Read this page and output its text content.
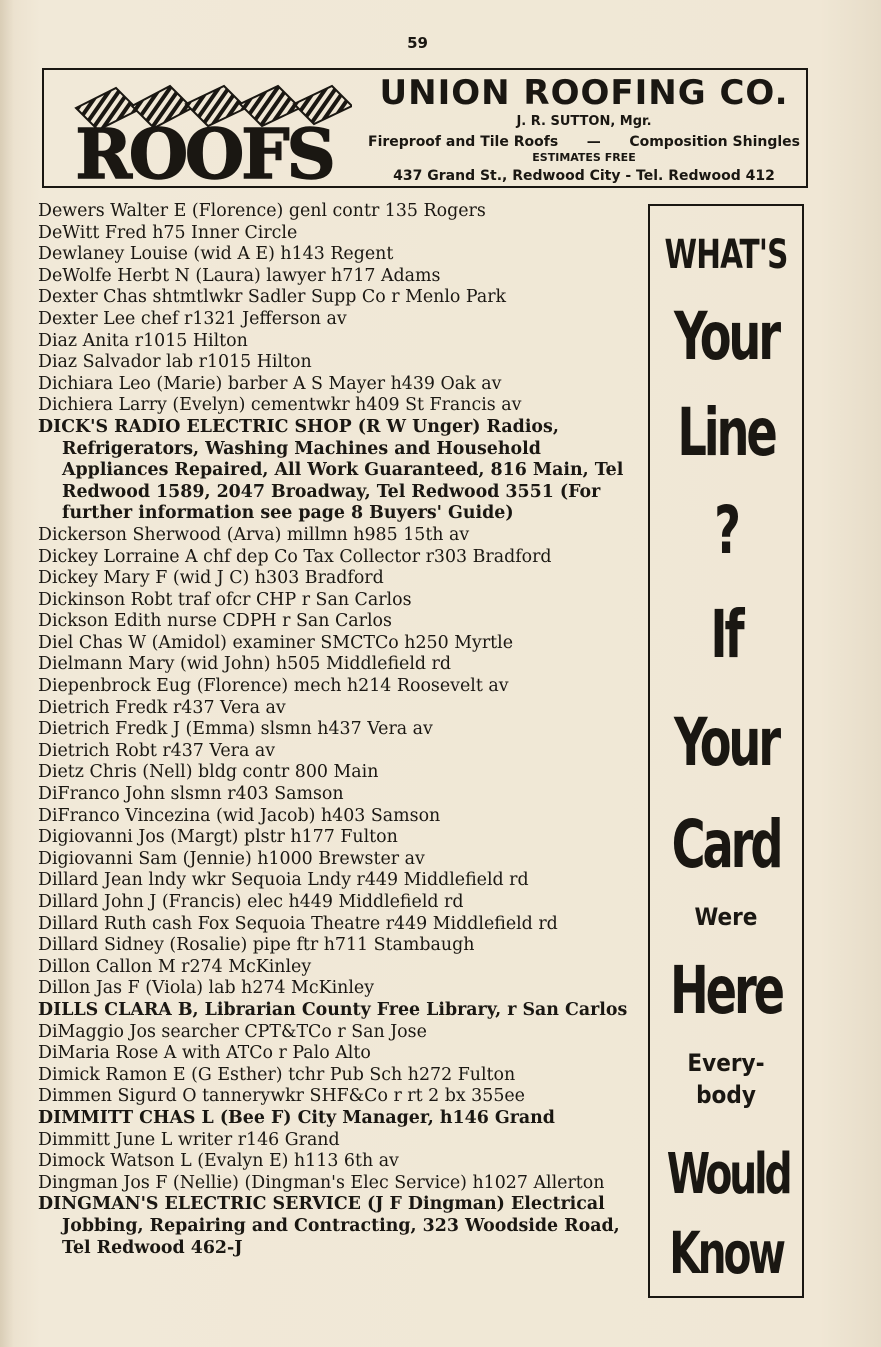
59
ROOFS
UNION ROOFING CO.
J. R. SUTTON, Mgr.
Fireproof and Tile Roofs — Composition Shingles
ESTIMATES FREE
437 Grand St., Redwood City - Tel. Redwood 412
Dewers Walter E (Florence) genl contr 135 Rogers
DeWitt Fred h75 Inner Circle
Dewlaney Louise (wid A E) h143 Regent
DeWolfe Herbt N (Laura) lawyer h717 Adams
Dexter Chas shtmtlwkr Sadler Supp Co r Menlo Park
Dexter Lee chef r1321 Jefferson av
Diaz Anita r1015 Hilton
Diaz Salvador lab r1015 Hilton
Dichiara Leo (Marie) barber A S Mayer h439 Oak av
Dichiera Larry (Evelyn) cementwkr h409 St Francis av
DICK'S RADIO ELECTRIC SHOP (R W Unger) Radios, Refrigerators, Washing Machines and Household Appliances Repaired, All Work Guaranteed, 816 Main, Tel Redwood 1589, 2047 Broadway, Tel Redwood 3551 (For further information see page 8 Buyers' Guide)
Dickerson Sherwood (Arva) millmn h985 15th av
Dickey Lorraine A chf dep Co Tax Collector r303 Bradford
Dickey Mary F (wid J C) h303 Bradford
Dickinson Robt traf ofcr CHP r San Carlos
Dickson Edith nurse CDPH r San Carlos
Diel Chas W (Amidol) examiner SMCTCo h250 Myrtle
Dielmann Mary (wid John) h505 Middlefield rd
Diepenbrock Eug (Florence) mech h214 Roosevelt av
Dietrich Fredk r437 Vera av
Dietrich Fredk J (Emma) slsmn h437 Vera av
Dietrich Robt r437 Vera av
Dietz Chris (Nell) bldg contr 800 Main
DiFranco John slsmn r403 Samson
DiFranco Vincezina (wid Jacob) h403 Samson
Digiovanni Jos (Margt) plstr h177 Fulton
Digiovanni Sam (Jennie) h1000 Brewster av
Dillard Jean lndy wkr Sequoia Lndy r449 Middlefield rd
Dillard John J (Francis) elec h449 Middlefield rd
Dillard Ruth cash Fox Sequoia Theatre r449 Middlefield rd
Dillard Sidney (Rosalie) pipe ftr h711 Stambaugh
Dillon Callon M r274 McKinley
Dillon Jas F (Viola) lab h274 McKinley
DILLS CLARA B, Librarian County Free Library, r San Carlos
DiMaggio Jos searcher CPT&TCo r San Jose
DiMaria Rose A with ATCo r Palo Alto
Dimick Ramon E (G Esther) tchr Pub Sch h272 Fulton
Dimmen Sigurd O tannerywkr SHF&Co r rt 2 bx 355ee
DIMMITT CHAS L (Bee F) City Manager, h146 Grand
Dimmitt June L writer r146 Grand
Dimock Watson L (Evalyn E) h113 6th av
Dingman Jos F (Nellie) (Dingman's Elec Service) h1027 Allerton
DINGMAN'S ELECTRIC SERVICE (J F Dingman) Electrical Jobbing, Repairing and Contracting, 323 Woodside Road, Tel Redwood 462-J
WHAT'S
Your
Line
?
If
Your
Card
Were
Here
Every-
body
Would
Know
